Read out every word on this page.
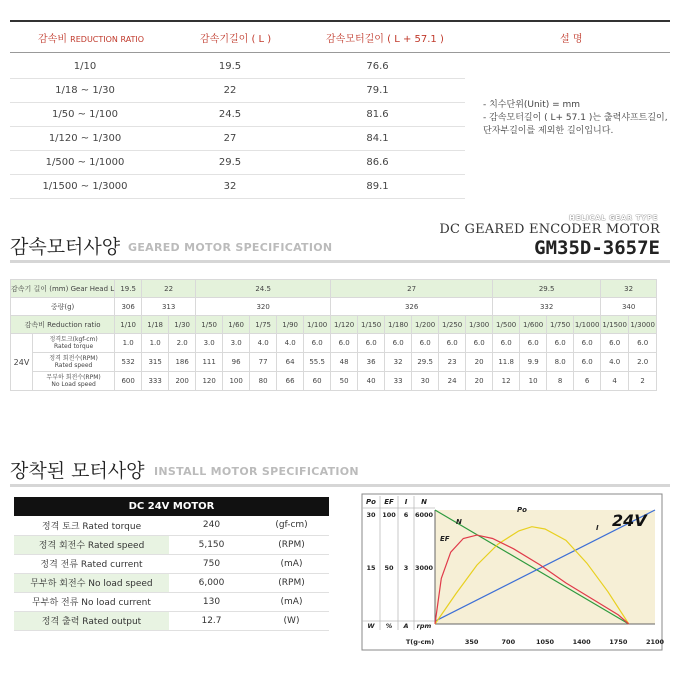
감속비 REDUCTION RATIO	감속기길이 ( L )	감속모터길이 ( L + 57.1 )	설 명
1/10	19.5	76.6
1/18 ~ 1/30	22	79.1
1/50 ~ 1/100	24.5	81.6
1/120 ~ 1/300	27	84.1
1/500 ~ 1/1000	29.5	86.6
1/1500 ~ 1/3000	32	89.1
- 치수단위(Unit) = mm
- 감속모터길이 ( L+ 57.1 )는 출력샤프트길이,
단자부길이를 제외한 길이입니다.
감속모터사양 GEARED MOTOR SPECIFICATION
HELICAL GEAR TYPE
DC GEARED ENCODER MOTOR
GM35D-3657E
감속기 길이 (mm) Gear Head L		19.5	22		24.5					27						29.5				32	
중량(g)		306	313		320					326						332				340	
감속비 Reduction ratio		1/10	1/18	1/30	1/50	1/60	1/75	1/90	1/100	1/120	1/150	1/180	1/200	1/250	1/300	1/500	1/600	1/750	1/1000	1/1500	1/3000
24V	정격토크(kgf-cm)
Rated torque	1.0	1.0	2.0	3.0	3.0	4.0	4.0	6.0	6.0	6.0	6.0	6.0	6.0	6.0	6.0	6.0	6.0	6.0	6.0	6.0

	정격 회전수(RPM)
Rated speed	532	315	186	111	96	77	64	55.5	48	36	32	29.5	23	20	11.8	9.9	8.0	6.0	4.0	2.0

	무부하 회전수(RPM)
No Load speed	600	333	200	120	100	80	66	60	50	40	33	30	24	20	12	10	8	6	4	2
장착된 모터사양 INSTALL MOTOR SPECIFICATION
DC 24V MOTOR		
정격 토크 Rated torque	240	(gf-cm)
정격 회전수 Rated speed	5,150	(RPM)
정격 전류 Rated current	750	(mA)
무부하 회전수 No load speed	6,000	(RPM)
무부하 전류 No load current	130	(mA)
정격 출력 Rated output	12.7	(W)
Po
30
15
W
EF
100
50
%
I
6
3
A
N
6000
3000
rpm
T(g-cm)	350	700	1050	1400	1750	2100
N
I
Po
EF
24V
